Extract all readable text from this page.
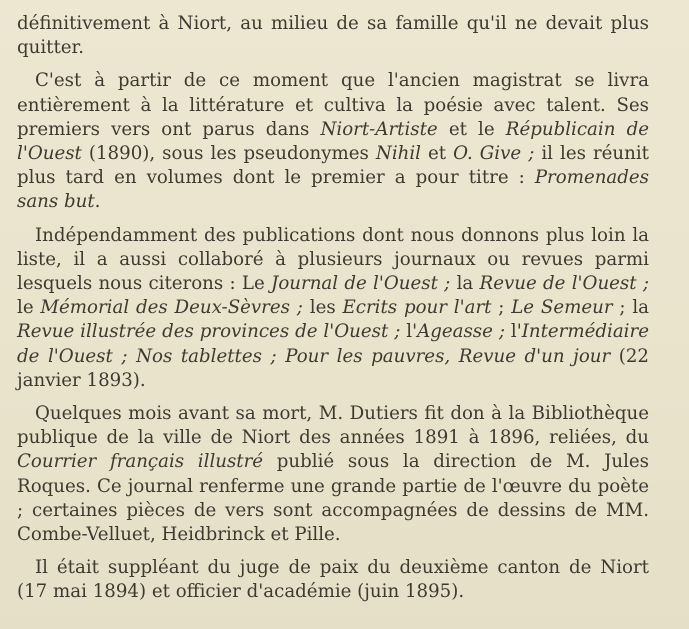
définitivement à Niort, au milieu de sa famille qu'il ne devait plus quitter.

C'est à partir de ce moment que l'ancien magistrat se livra entièrement à la littérature et cultiva la poésie avec talent. Ses premiers vers ont parus dans Niort-Artiste et le Républicain de l'Ouest (1890), sous les pseudonymes Nihil et O. Give ; il les réunit plus tard en volumes dont le premier a pour titre : Promenades sans but.

Indépendamment des publications dont nous donnons plus loin la liste, il a aussi collaboré à plusieurs journaux ou revues parmi lesquels nous citerons : Le Journal de l'Ouest ; la Revue de l'Ouest ; le Mémorial des Deux-Sèvres ; les Ecrits pour l'art ; Le Semeur ; la Revue illustrée des provinces de l'Ouest ; l'Ageasse ; l'Intermédiaire de l'Ouest ; Nos tablettes ; Pour les pauvres, Revue d'un jour (22 janvier 1893).

Quelques mois avant sa mort, M. Dutiers fit don à la Bibliothèque publique de la ville de Niort des années 1891 à 1896, reliées, du Courrier français illustré publié sous la direction de M. Jules Roques. Ce journal renferme une grande partie de l'œuvre du poète ; certaines pièces de vers sont accompagnées de dessins de MM. Combe-Velluet, Heidbrinck et Pille.

Il était suppléant du juge de paix du deuxième canton de Niort (17 mai 1894) et officier d'académie (juin 1895).
